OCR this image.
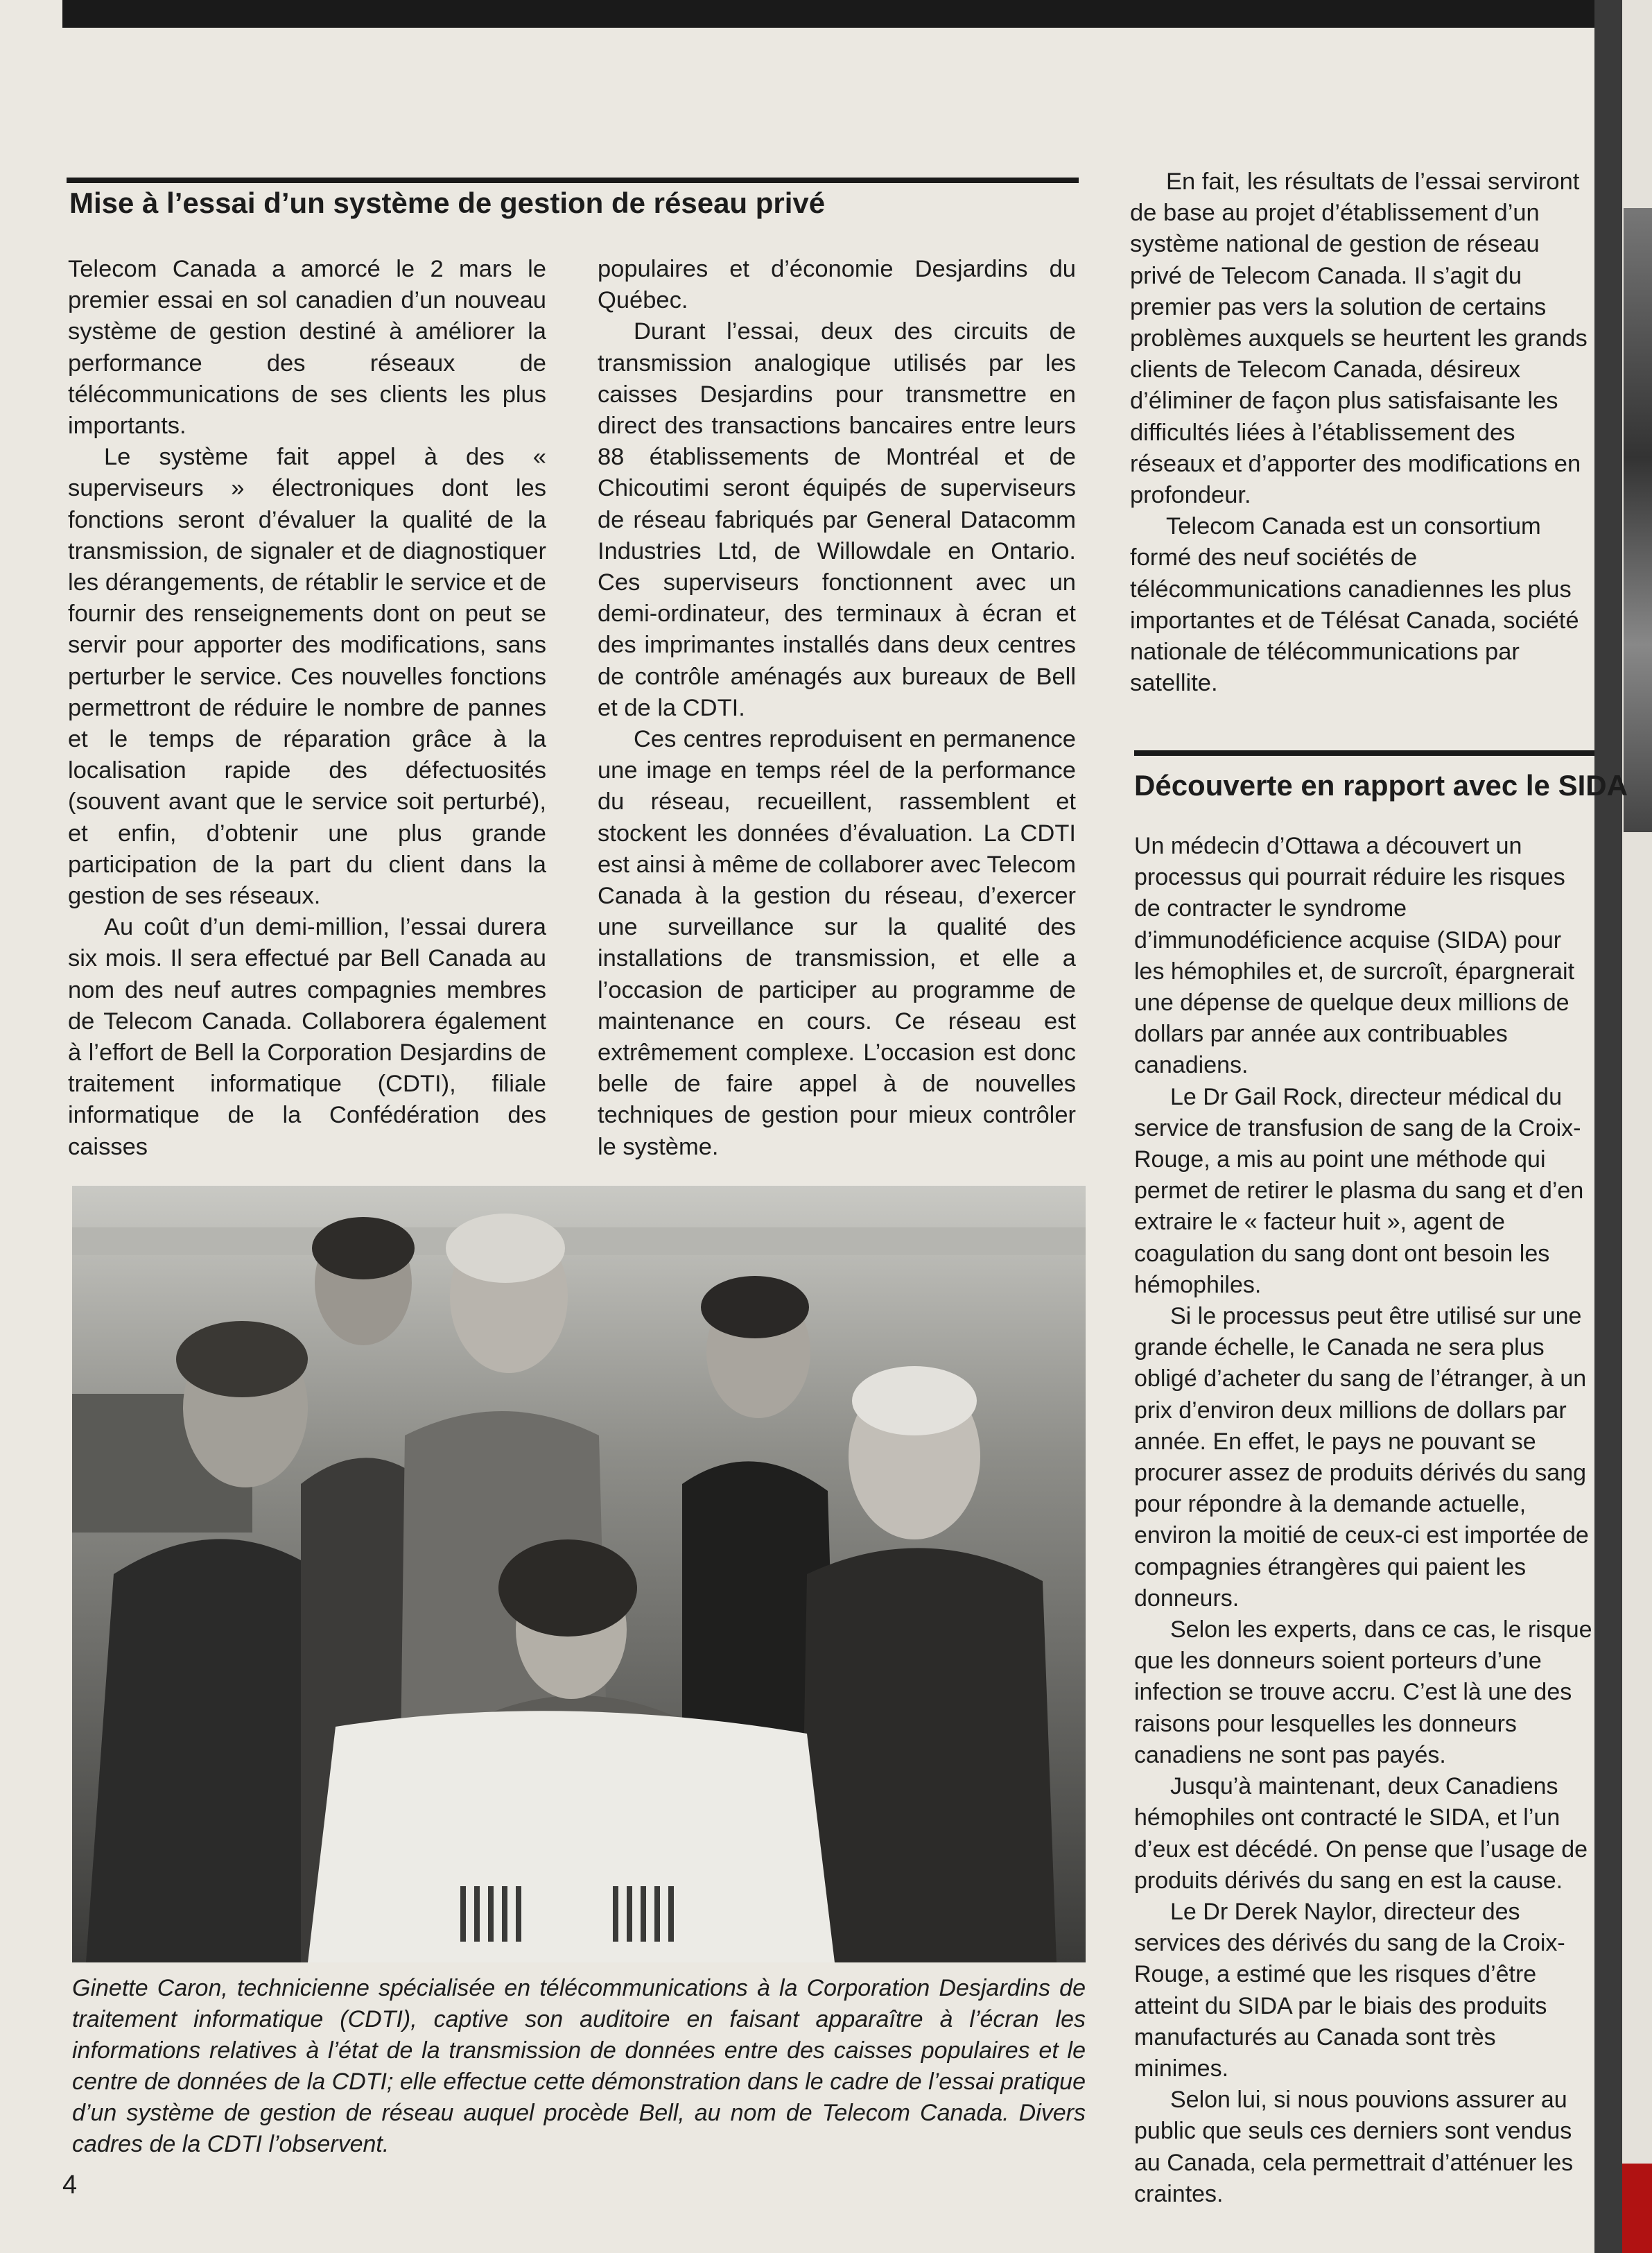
Mise à l’essai d’un système de gestion de réseau privé

Telecom Canada a amorcé le 2 mars le premier essai en sol canadien d’un nouveau système de gestion destiné à améliorer la performance des réseaux de télécommunications de ses clients les plus importants.

Le système fait appel à des « superviseurs » électroniques dont les fonctions seront d’évaluer la qualité de la transmission, de signaler et de diagnostiquer les dérangements, de rétablir le service et de fournir des renseignements dont on peut se servir pour apporter des modifications, sans perturber le service. Ces nouvelles fonctions permettront de réduire le nombre de pannes et le temps de réparation grâce à la localisation rapide des défectuosités (souvent avant que le service soit perturbé), et enfin, d’obtenir une plus grande participation de la part du client dans la gestion de ses réseaux.

Au coût d’un demi-million, l’essai durera six mois. Il sera effectué par Bell Canada au nom des neuf autres compagnies membres de Telecom Canada. Collaborera également à l’effort de Bell la Corporation Desjardins de traitement informatique (CDTI), filiale informatique de la Confédération des caisses

populaires et d’économie Desjardins du Québec.

Durant l’essai, deux des circuits de transmission analogique utilisés par les caisses Desjardins pour transmettre en direct des transactions bancaires entre leurs 88 établissements de Montréal et de Chicoutimi seront équipés de superviseurs de réseau fabriqués par General Datacomm Industries Ltd, de Willowdale en Ontario. Ces superviseurs fonctionnent avec un demi-ordinateur, des terminaux à écran et des imprimantes installés dans deux centres de contrôle aménagés aux bureaux de Bell et de la CDTI.

Ces centres reproduisent en permanence une image en temps réel de la performance du réseau, recueillent, rassemblent et stockent les données d’évaluation. La CDTI est ainsi à même de collaborer avec Telecom Canada à la gestion du réseau, d’exercer une surveillance sur la qualité des installations de transmission, et elle a l’occasion de participer au programme de maintenance en cours. Ce réseau est extrêmement complexe. L’occasion est donc belle de faire appel à de nouvelles techniques de gestion pour mieux contrôler le système.

En fait, les résultats de l’essai serviront de base au projet d’établissement d’un système national de gestion de réseau privé de Telecom Canada. Il s’agit du premier pas vers la solution de certains problèmes auxquels se heurtent les grands clients de Telecom Canada, désireux d’éliminer de façon plus satisfaisante les difficultés liées à l’établissement des réseaux et d’apporter des modifications en profondeur.

Telecom Canada est un consortium formé des neuf sociétés de télécommunications canadiennes les plus importantes et de Télésat Canada, société nationale de télécommunications par satellite.

Découverte en rapport avec le SIDA

Un médecin d’Ottawa a découvert un processus qui pourrait réduire les risques de contracter le syndrome d’immunodéficience acquise (SIDA) pour les hémophiles et, de surcroît, épargnerait une dépense de quelque deux millions de dollars par année aux contribuables canadiens.

Le Dr Gail Rock, directeur médical du service de transfusion de sang de la Croix-Rouge, a mis au point une méthode qui permet de retirer le plasma du sang et d’en extraire le « facteur huit », agent de coagulation du sang dont ont besoin les hémophiles.

Si le processus peut être utilisé sur une grande échelle, le Canada ne sera plus obligé d’acheter du sang de l’étranger, à un prix d’environ deux millions de dollars par année. En effet, le pays ne pouvant se procurer assez de produits dérivés du sang pour répondre à la demande actuelle, environ la moitié de ceux-ci est importée de compagnies étrangères qui paient les donneurs.

Selon les experts, dans ce cas, le risque que les donneurs soient porteurs d’une infection se trouve accru. C’est là une des raisons pour lesquelles les donneurs canadiens ne sont pas payés.

Jusqu’à maintenant, deux Canadiens hémophiles ont contracté le SIDA, et l’un d’eux est décédé. On pense que l’usage de produits dérivés du sang en est la cause.

Le Dr Derek Naylor, directeur des services des dérivés du sang de la Croix-Rouge, a estimé que les risques d’être atteint du SIDA par le biais des produits manufacturés au Canada sont très minimes.

Selon lui, si nous pouvions assurer au public que seuls ces derniers sont vendus au Canada, cela permettrait d’atténuer les craintes.

Ginette Caron, technicienne spécialisée en télécommunications à la Corporation Desjardins de traitement informatique (CDTI), captive son auditoire en faisant apparaître à l’écran les informations relatives à l’état de la transmission de données entre des caisses populaires et le centre de données de la CDTI; elle effectue cette démonstration dans le cadre de l’essai pratique d’un système de gestion de réseau auquel procède Bell, au nom de Telecom Canada. Divers cadres de la CDTI l’observent.
4
